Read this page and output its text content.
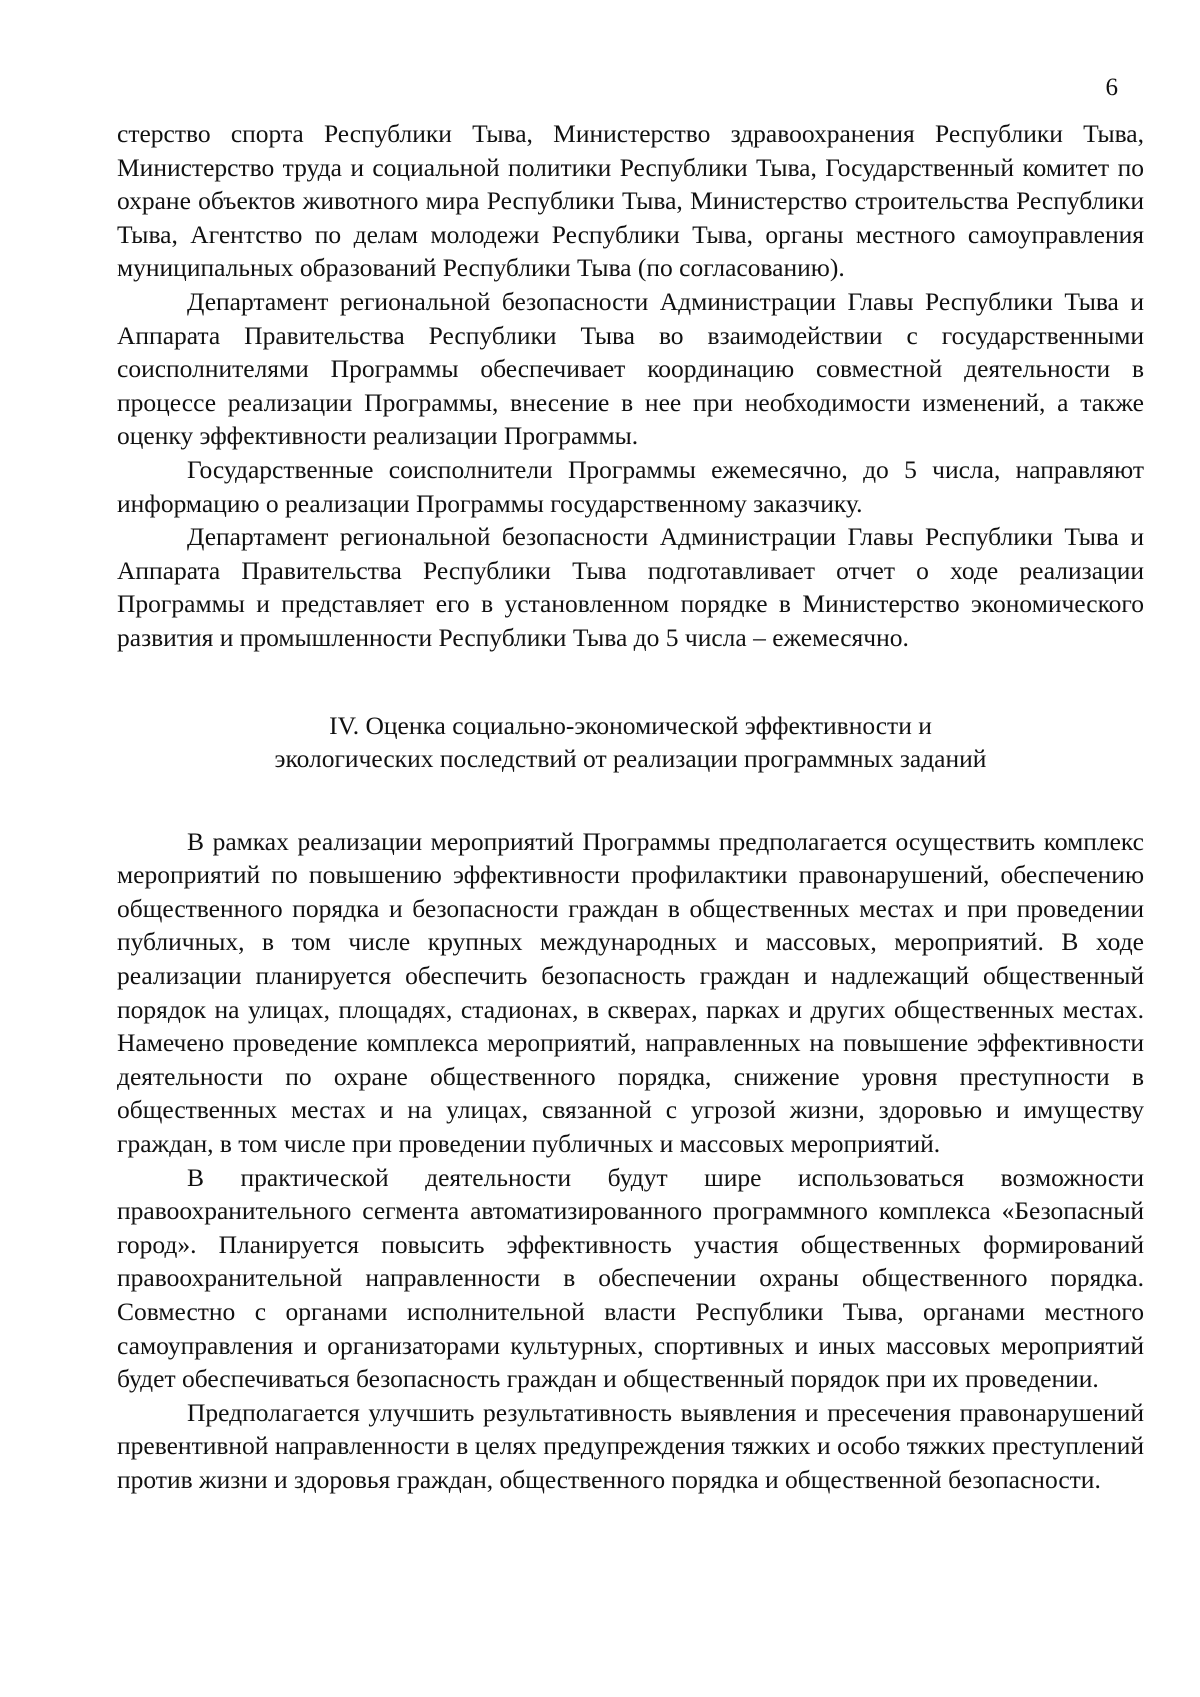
6

стерство спорта Республики Тыва, Министерство здравоохранения Республики Тыва, Министерство труда и социальной политики Республики Тыва, Государственный комитет по охране объектов животного мира Республики Тыва, Министерство строительства Республики Тыва, Агентство по делам молодежи Республики Тыва, органы местного самоуправления муниципальных образований Республики Тыва (по согласованию).

Департамент региональной безопасности Администрации Главы Республики Тыва и Аппарата Правительства Республики Тыва во взаимодействии с государственными соисполнителями Программы обеспечивает координацию совместной деятельности в процессе реализации Программы, внесение в нее при необходимости изменений, а также оценку эффективности реализации Программы.

Государственные соисполнители Программы ежемесячно, до 5 числа, направляют информацию о реализации Программы государственному заказчику.

Департамент региональной безопасности Администрации Главы Республики Тыва и Аппарата Правительства Республики Тыва подготавливает отчет о ходе реализации Программы и представляет его в установленном порядке в Министерство экономического развития и промышленности Республики Тыва до 5 числа – ежемесячно.

IV. Оценка социально-экономической эффективности и
экологических последствий от реализации программных заданий

В рамках реализации мероприятий Программы предполагается осуществить комплекс мероприятий по повышению эффективности профилактики правонарушений, обеспечению общественного порядка и безопасности граждан в общественных местах и при проведении публичных, в том числе крупных международных и массовых, мероприятий. В ходе реализации планируется обеспечить безопасность граждан и надлежащий общественный порядок на улицах, площадях, стадионах, в скверах, парках и других общественных местах. Намечено проведение комплекса мероприятий, направленных на повышение эффективности деятельности по охране общественного порядка, снижение уровня преступности в общественных местах и на улицах, связанной с угрозой жизни, здоровью и имуществу граждан, в том числе при проведении публичных и массовых мероприятий.

В практической деятельности будут шире использоваться возможности правоохранительного сегмента автоматизированного программного комплекса «Безопасный город». Планируется повысить эффективность участия общественных формирований правоохранительной направленности в обеспечении охраны общественного порядка. Совместно с органами исполнительной власти Республики Тыва, органами местного самоуправления и организаторами культурных, спортивных и иных массовых мероприятий будет обеспечиваться безопасность граждан и общественный порядок при их проведении.

Предполагается улучшить результативность выявления и пресечения правонарушений превентивной направленности в целях предупреждения тяжких и особо тяжких преступлений против жизни и здоровья граждан, общественного порядка и общественной безопасности.
